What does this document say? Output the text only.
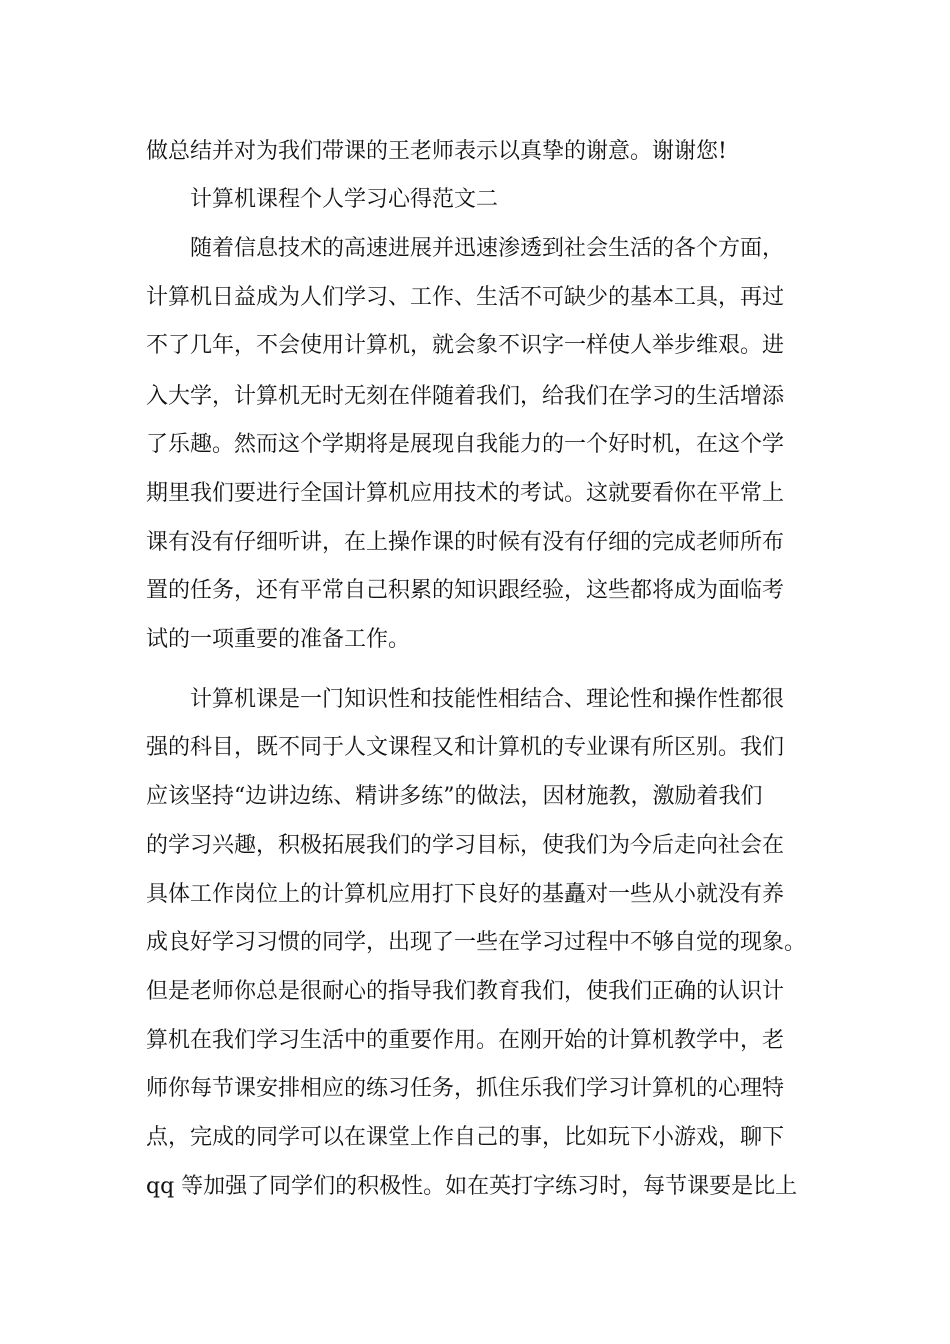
做总结并对为我们带课的王老师表示以真挚的谢意。谢谢您!

计算机课程个人学习心得范文二

随着信息技术的高速进展并迅速渗透到社会生活的各个方面，

计算机日益成为人们学习、工作、生活不可缺少的基本工具，再过

不了几年，不会使用计算机，就会象不识字一样使人举步维艰。进

入大学，计算机无时无刻在伴随着我们，给我们在学习的生活增添

了乐趣。然而这个学期将是展现自我能力的一个好时机，在这个学

期里我们要进行全国计算机应用技术的考试。这就要看你在平常上

课有没有仔细听讲，在上操作课的时候有没有仔细的完成老师所布

置的任务，还有平常自己积累的知识跟经验，这些都将成为面临考

试的一项重要的准备工作。

计算机课是一门知识性和技能性相结合、理论性和操作性都很

强的科目，既不同于人文课程又和计算机的专业课有所区别。我们

应该坚持“边讲边练、精讲多练”的做法，因材施教，激励着我们

的学习兴趣，积极拓展我们的学习目标，使我们为今后走向社会在

具体工作岗位上的计算机应用打下良好的基矗对一些从小就没有养

成良好学习习惯的同学，出现了一些在学习过程中不够自觉的现象。

但是老师你总是很耐心的指导我们教育我们，使我们正确的认识计

算机在我们学习生活中的重要作用。在刚开始的计算机教学中，老

师你每节课安排相应的练习任务，抓住乐我们学习计算机的心理特

点，完成的同学可以在课堂上作自己的事，比如玩下小游戏，聊下

qq 等加强了同学们的积极性。如在英打字练习时，每节课要是比上
